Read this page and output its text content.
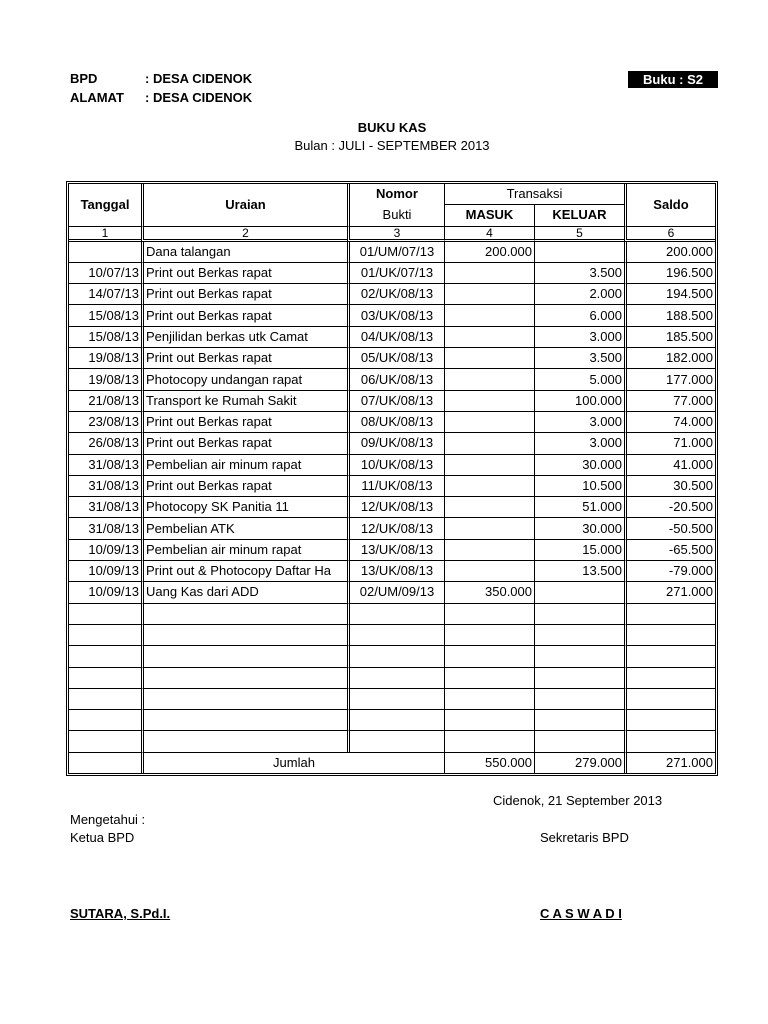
BPD	: DESA CIDENOK
ALAMAT : DESA CIDENOK
Buku : S2
BUKU KAS
Bulan : JULI - SEPTEMBER 2013
Tanggal	Uraian	Nomor	Transaksi		Saldo
		Bukti	MASUK	KELUAR	
1	2	3	4	5	6
	Dana talangan	01/UM/07/13	200.000		200.000
10/07/13	Print out Berkas rapat	01/UK/07/13		3.500	196.500
14/07/13	Print out Berkas rapat	02/UK/08/13		2.000	194.500
15/08/13	Print out Berkas rapat	03/UK/08/13		6.000	188.500
15/08/13	Penjilidan berkas utk Camat	04/UK/08/13		3.000	185.500
19/08/13	Print out Berkas rapat	05/UK/08/13		3.500	182.000
19/08/13	Photocopy undangan rapat	06/UK/08/13		5.000	177.000
21/08/13	Transport ke Rumah Sakit	07/UK/08/13		100.000	77.000
23/08/13	Print out Berkas rapat	08/UK/08/13		3.000	74.000
26/08/13	Print out Berkas rapat	09/UK/08/13		3.000	71.000
31/08/13	Pembelian air minum rapat	10/UK/08/13		30.000	41.000
31/08/13	Print out Berkas rapat	11/UK/08/13		10.500	30.500
31/08/13	Photocopy SK Panitia 11	12/UK/08/13		51.000	-20.500
31/08/13	Pembelian ATK	12/UK/08/13		30.000	-50.500
10/09/13	Pembelian air minum rapat	13/UK/08/13		15.000	-65.500
10/09/13	Print out & Photocopy Daftar Ha	13/UK/08/13		13.500	-79.000
10/09/13	Uang Kas dari ADD	02/UM/09/13	350.000		271.000

	Jumlah		550.000	279.000	271.000
Cidenok, 21 September 2013
Mengetahui :
Ketua BPD	Sekretaris BPD
SUTARA, S.Pd.I.	C A S W A D I
